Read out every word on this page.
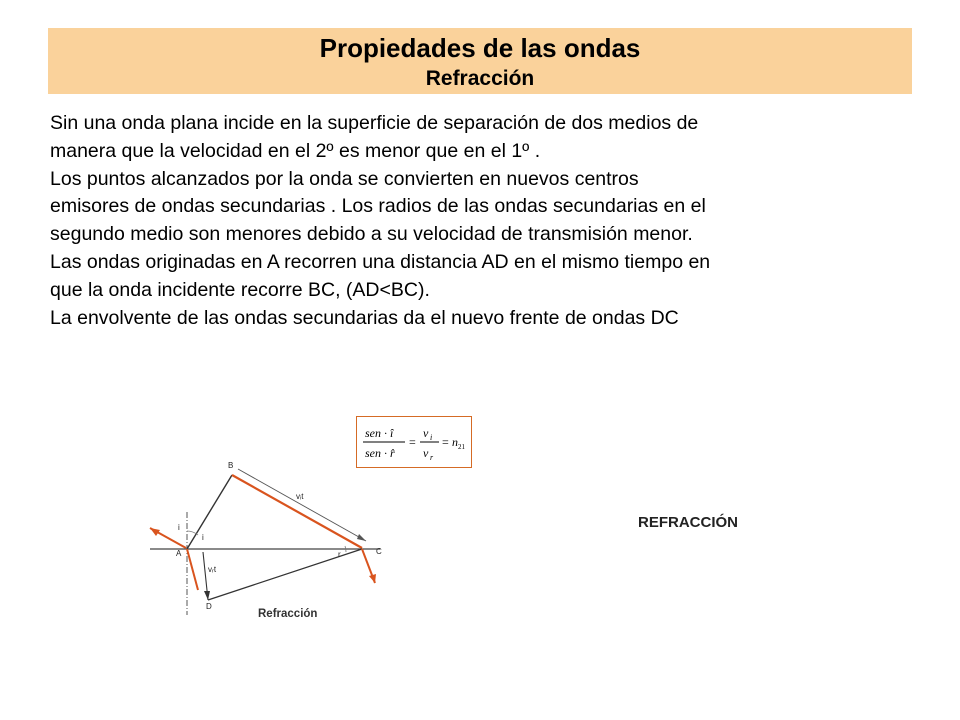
Propiedades de las ondas
Refracción
Sin una onda plana incide en la superficie de separación de dos medios de
manera que la velocidad en el 2º es menor que en el 1º .
Los puntos alcanzados por la onda se convierten en nuevos centros
emisores de ondas secundarias . Los radios de las ondas secundarias en el
segundo medio son menores debido a su velocidad de transmisión menor.
Las ondas originadas en A recorren una distancia AD en el mismo tiempo en
que la onda incidente recorre BC, (AD<BC).
La envolvente de las ondas secundarias da el nuevo frente de ondas DC
A
B
C
D
i
i
r
vᵢt
vᵣt
sen · î
sen · r̂
=
v i
v r
= n 21
Refracción
REFRACCIÓN
